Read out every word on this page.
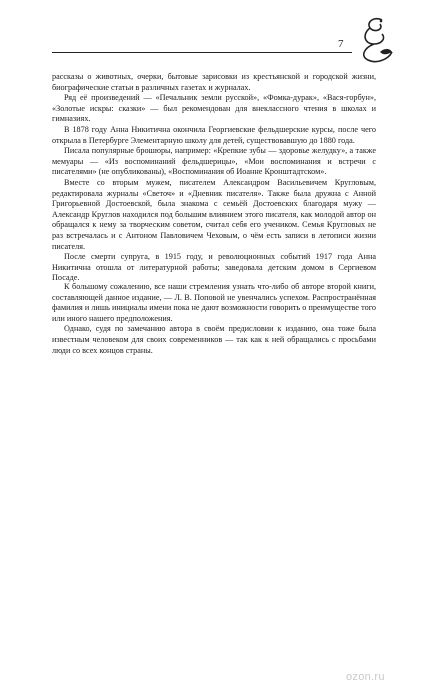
7

рассказы о животных, очерки, бытовые зарисовки из крестьянской и городской жизни, биографические статьи в различных газетах и журналах.

Ряд её произведений — «Печальник земли русской», «Фомка-дурак», «Вася-горбун», «Золотые искры: сказки» — был рекомендован для внеклассного чтения в школах и гимназиях.

В 1878 году Анна Никитична окончила Георгиевские фельдшерские курсы, после чего открыла в Петербурге Элементарную школу для детей, существовавшую до 1880 года.

Писала популярные брошюры, например: «Крепкие зубы — здоровье желудку», а также мемуары — «Из воспоминаний фельдшерицы», «Мои воспоминания и встречи с писателями» (не опубликованы), «Воспоминания об Иоанне Кронштадтском».

Вместе со вторым мужем, писателем Александром Васильевичем Кругловым, редактировала журналы «Светоч» и «Дневник писателя». Также была дружна с Анной Григорьевной Достоевской, была знакома с семьёй Достоевских благодаря мужу — Александр Круглов находился под большим влиянием этого писателя, как молодой автор он обращался к нему за творческим советом, считал себя его учеником. Семья Кругловых не раз встречалась и с Антоном Павловичем Чеховым, о чём есть записи в летописи жизни писателя.

После смерти супруга, в 1915 году, и революционных событий 1917 года Анна Никитична отошла от литературной работы; заведовала детским домом в Сергиевом Посаде.

К большому сожалению, все наши стремления узнать что-либо об авторе второй книги, составляющей данное издание, — Л. В. Поповой не увенчались успехом. Распространённая фамилия и лишь инициалы имени пока не дают возможности говорить о преимуществе того или иного нашего предположения.

Однако, судя по замечанию автора в своём предисловии к изданию, она тоже была известным человеком для своих современников — так как к ней обращались с просьбами люди со всех концов страны.

ozon.ru
